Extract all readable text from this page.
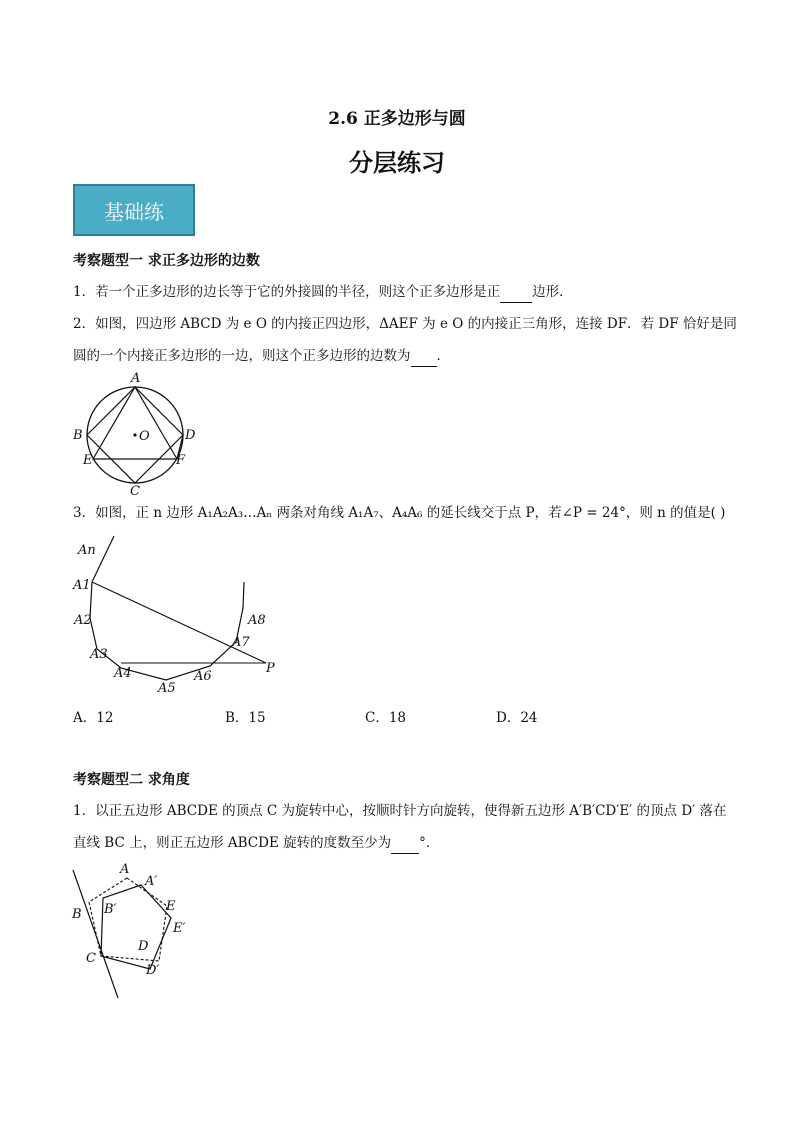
2.6 正多边形与圆
分层练习
基础练
考察题型一 求正多边形的边数
1．若一个正多边形的边长等于它的外接圆的半径，则这个正多边形是正 边形．
2．如图，四边形 ABCD 为 e O 的内接正四边形，ΔAEF 为 e O 的内接正三角形，连接 DF．若 DF 恰好是同
圆的一个内接正多边形的一边，则这个正多边形的边数为 ．
A
B
C
D
E	F
O
3．如图，正 n 边形 A₁A₂A₃…Aₙ 两条对角线 A₁A₇、A₄A₆ 的延长线交于点 P，若∠P = 24°，则 n 的值是( )
An
A1
A2
A3
A4
A5
A6
A7
A8
P
A．12	B．15	C．18	D．24
考察题型二 求角度
1．以正五边形 ABCDE 的顶点 C 为旋转中心，按顺时针方向旋转，使得新五边形 A′B′CD′E′ 的顶点 D′ 落在
直线 BC 上，则正五边形 ABCDE 旋转的度数至少为 °．
A
A′
B B′
C
D
D′
E
E′
